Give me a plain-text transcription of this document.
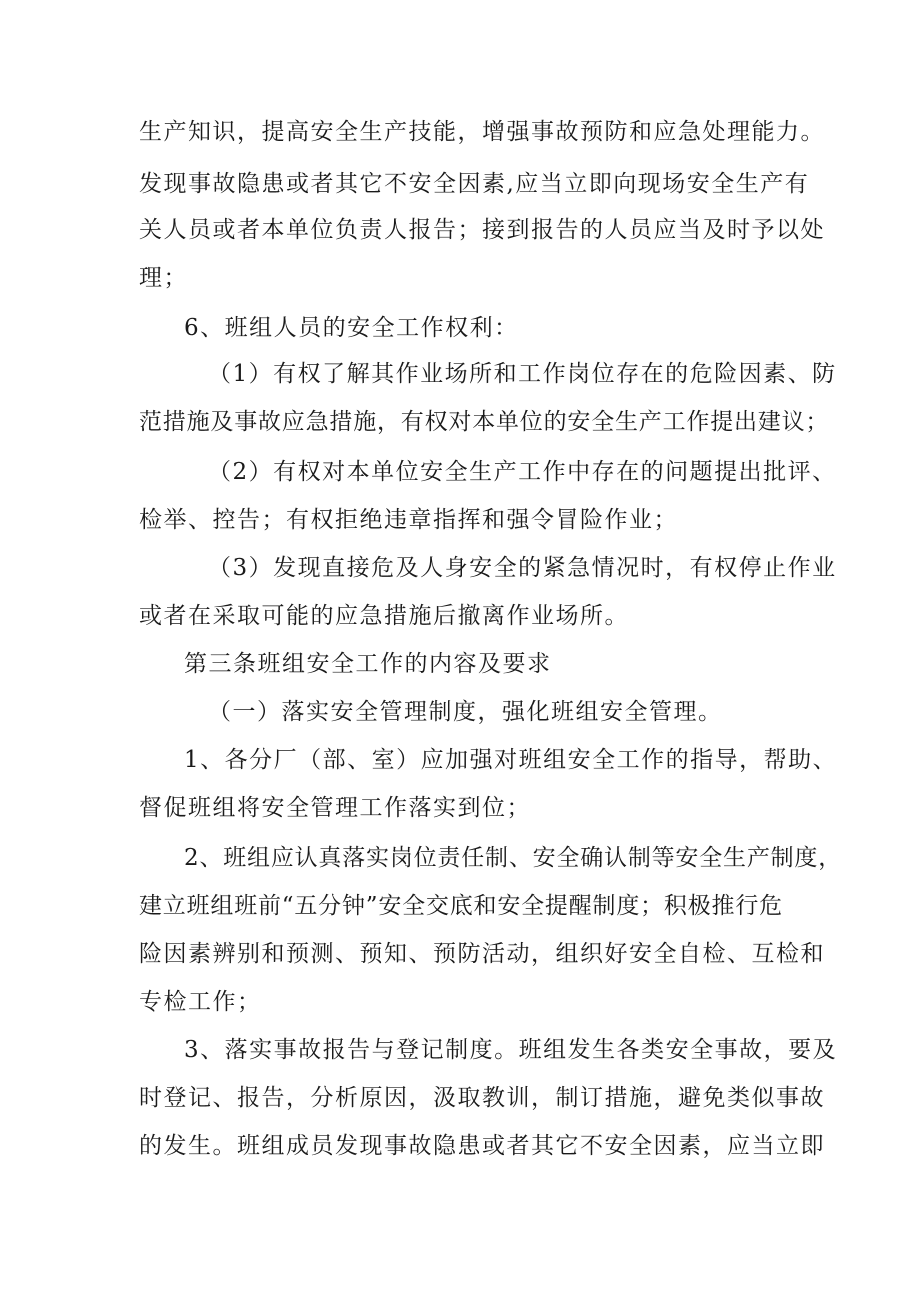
生产知识，提高安全生产技能，增强事故预防和应急处理能力。
发现事故隐患或者其它不安全因素,应当立即向现场安全生产有
关人员或者本单位负责人报告；接到报告的人员应当及时予以处
理；
6、班组人员的安全工作权利：
（1）有权了解其作业场所和工作岗位存在的危险因素、防
范措施及事故应急措施，有权对本单位的安全生产工作提出建议；
（2）有权对本单位安全生产工作中存在的问题提出批评、
检举、控告；有权拒绝违章指挥和强令冒险作业；
（3）发现直接危及人身安全的紧急情况时，有权停止作业
或者在采取可能的应急措施后撤离作业场所。
第三条班组安全工作的内容及要求
（一）落实安全管理制度，强化班组安全管理。
1、各分厂（部、室）应加强对班组安全工作的指导，帮助、
督促班组将安全管理工作落实到位；
2、班组应认真落实岗位责任制、安全确认制等安全生产制度，
建立班组班前“五分钟”安全交底和安全提醒制度；积极推行危
险因素辨别和预测、预知、预防活动，组织好安全自检、互检和
专检工作；
3、落实事故报告与登记制度。班组发生各类安全事故，要及
时登记、报告，分析原因，汲取教训，制订措施，避免类似事故
的发生。班组成员发现事故隐患或者其它不安全因素，应当立即
